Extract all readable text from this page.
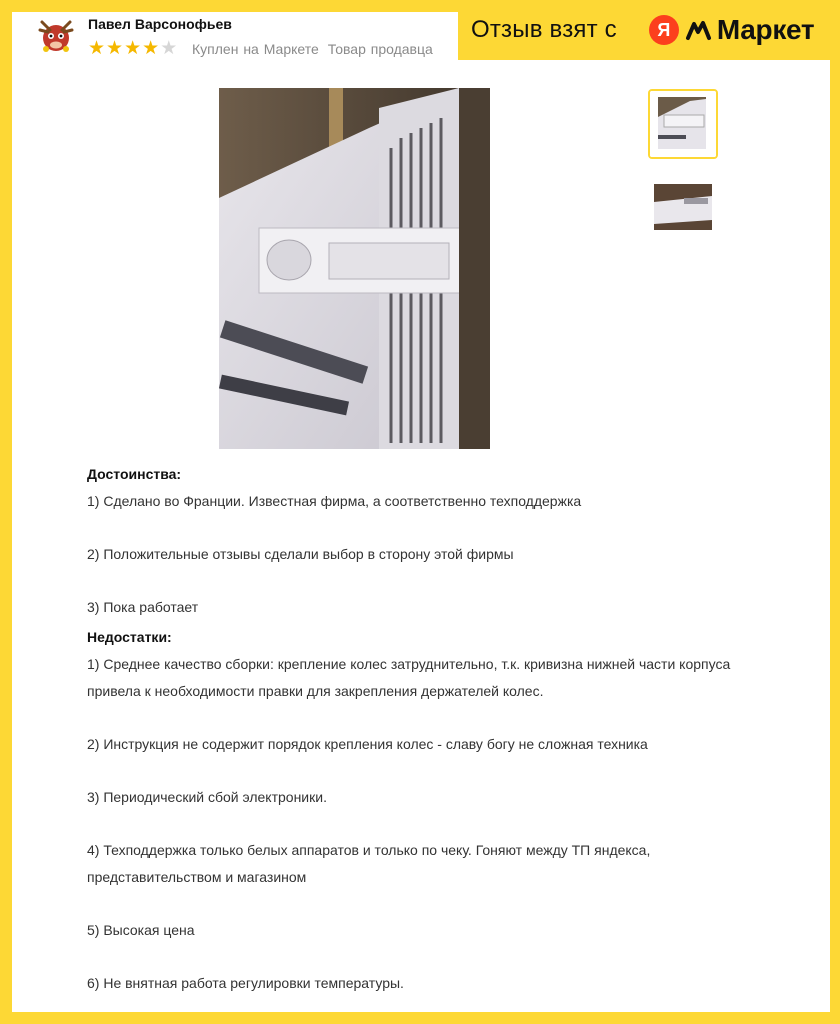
Павел Варсонофьев
★ ★ ★ ★ ★ Куплен на Маркете Товар продавца

Достоинства:

1) Сделано во Франции. Известная фирма, а соответственно техподдержка

2) Положительные отзывы сделали выбор в сторону этой фирмы

3) Пока работает

Недостатки:

1) Среднее качество сборки: крепление колес затруднительно, т.к. кривизна нижней части корпуса

привела к необходимости правки для закрепления держателей колес.

2) Инструкция не содержит порядок крепления колес - славу богу не сложная техника

3) Периодический сбой электроники.

4) Техподдержка только белых аппаратов и только по чеку. Гоняют между ТП яндекса,

представительством и магазином

5) Высокая цена

6) Не внятная работа регулировки температуры.

Отзыв взят с	Я	Маркет
